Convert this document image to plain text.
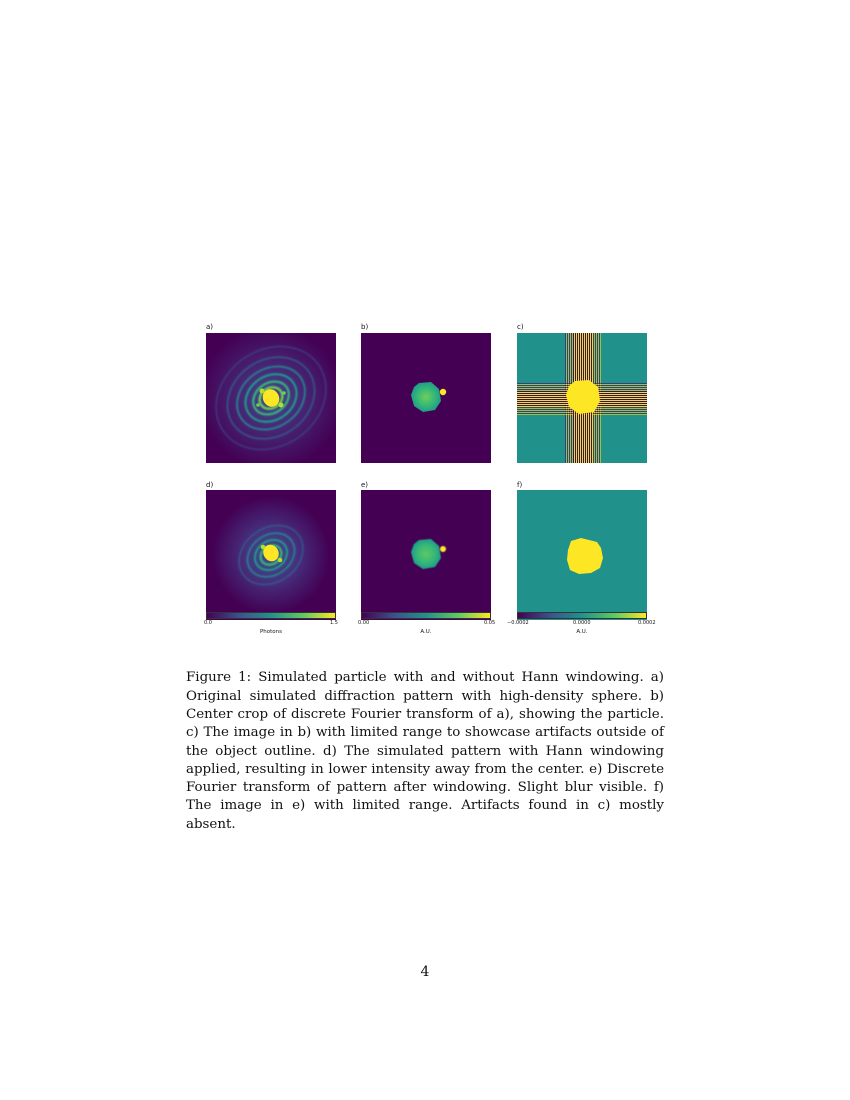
a)	b)	c)
d)	e)	f)
0.0	1.5
Photons
0.00	0.05
A.U.
−0.0002	0.0000	0.0002
A.U.

Figure 1: Simulated particle with and without Hann windowing. a) Original simulated diffraction pattern with high-density sphere. b) Center crop of discrete Fourier transform of a), showing the particle. c) The image in b) with limited range to showcase artifacts outside of the object outline. d) The simulated pattern with Hann windowing applied, resulting in lower intensity away from the center. e) Discrete Fourier transform of pattern after windowing. Slight blur visible. f) The image in e) with limited range. Artifacts found in c) mostly absent.

4
